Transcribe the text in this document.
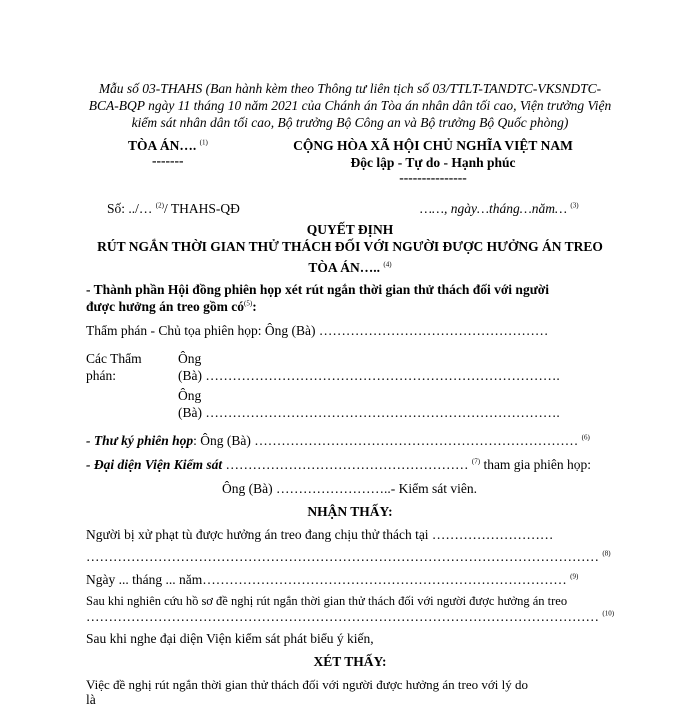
Mẫu số 03-THAHS (Ban hành kèm theo Thông tư liên tịch số 03/TTLT-TANDTC-VKSNDTC-
BCA-BQP ngày 11 tháng 10 năm 2021 của Chánh án Tòa án nhân dân tối cao, Viện trưởng Viện
kiểm sát nhân dân tối cao, Bộ trưởng Bộ Công an và Bộ trưởng Bộ Quốc phòng)
TÒA ÁN…. $^{(1)}$
-------
CỘNG HÒA XÃ HỘI CHỦ NGHĨA VIỆT NAM
Độc lập - Tự do - Hạnh phúc
---------------
Số: ../… $^{(2)}$/ THAHS-QĐ	……, ngày…tháng…năm… $^{(3)}$
QUYẾT ĐỊNH
RÚT NGẮN THỜI GIAN THỬ THÁCH ĐỐI VỚI NGƯỜI ĐƯỢC HƯỞNG ÁN TREO
TÒA ÁN….. $^{(4)}$
- Thành phần Hội đồng phiên họp xét rút ngắn thời gian thử thách đối với người
được hưởng án treo gồm $có^{(5)}$:
Thẩm phán - Chủ tọa phiên họp: Ông (Bà) ……………………………………………
Các Thẩm
phán:
Ông
(Bà) …………………………………………………………………….
Ông
(Bà) …………………………………………………………………….
- Thư ký phiên họp: Ông (Bà) ……………………………………………………………… $^{(6)}$
- Đại diện Viện Kiểm sát ……………………………………………… $^{(7)}$ tham gia phiên họp:
Ông (Bà) ……………………..- Kiểm sát viên.
NHẬN THẤY:
Người bị xử phạt tù được hưởng án treo đang chịu thử thách tại ………………………
…………………………………………………………………………………………………… $^{(8)}$
Ngày ... tháng ... năm……………………………………………………………………… $^{(9)}$
Sau khi nghiên cứu hồ sơ đề nghị rút ngắn thời gian thử thách đối với người được hưởng án treo
…………………………………………………………………………………………………… $^{(10)}$
Sau khi nghe đại diện Viện kiểm sát phát biểu ý kiến,
XÉT THẤY:
Việc đề nghị rút ngắn thời gian thử thách đối với người được hưởng án treo với lý do
là
